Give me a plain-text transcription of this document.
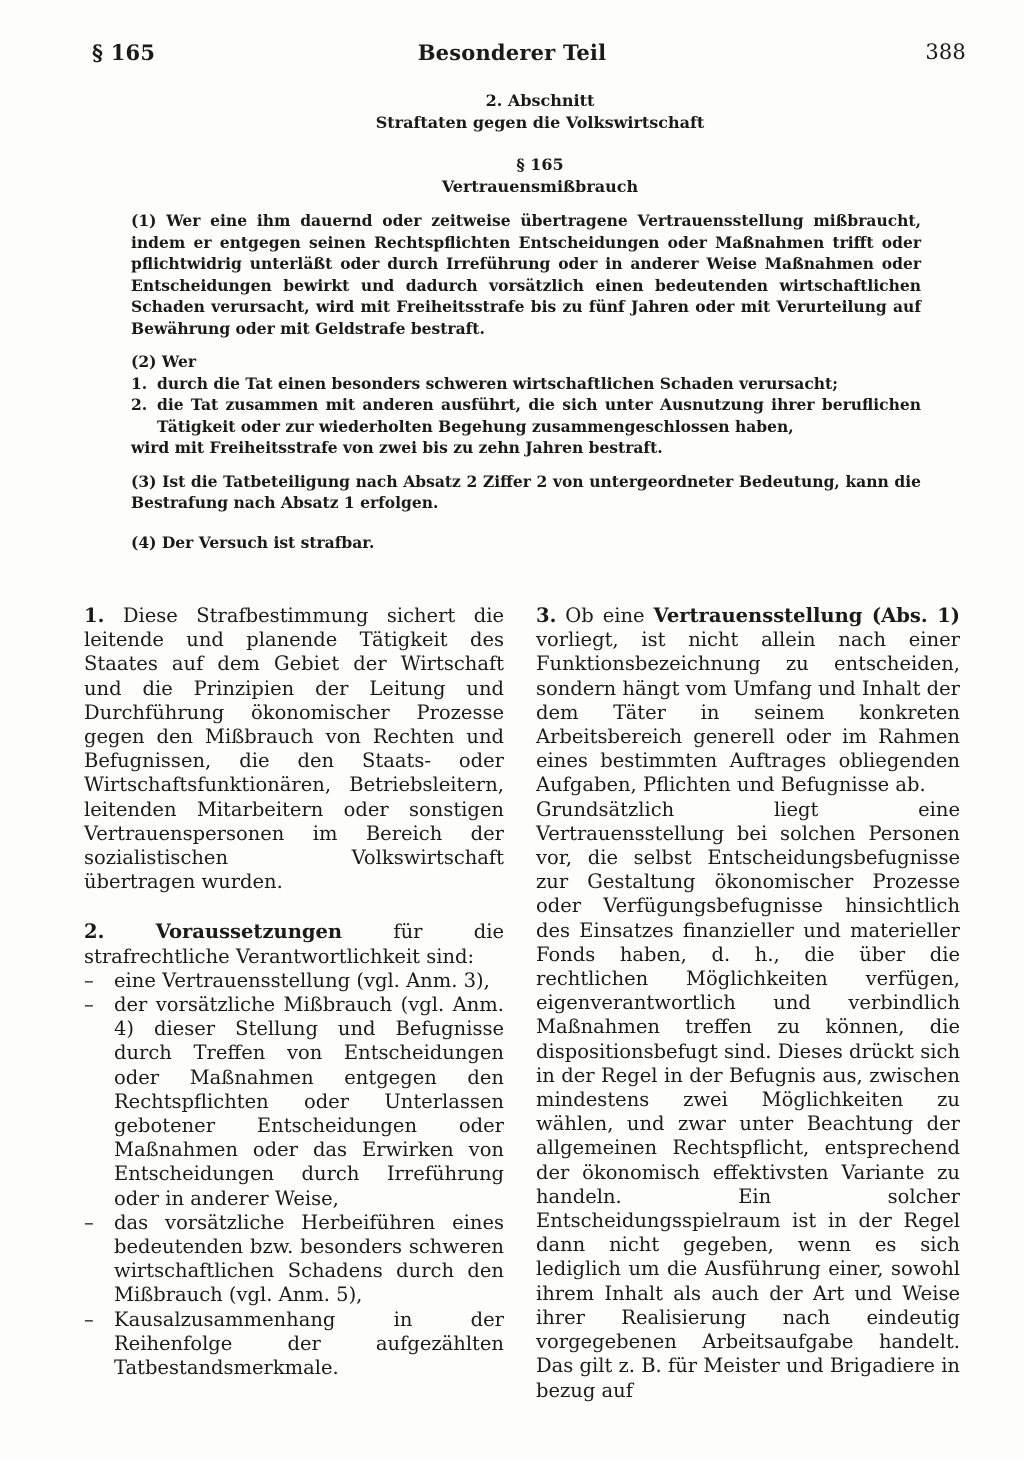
§ 165	Besonderer Teil	388
2. Abschnitt
Straftaten gegen die Volkswirtschaft
§ 165
Vertrauensmißbrauch

(1) Wer eine ihm dauernd oder zeitweise übertragene Vertrauensstellung mißbraucht, indem er entgegen seinen Rechtspflichten Entscheidungen oder Maßnahmen trifft oder pflichtwidrig unterläßt oder durch Irreführung oder in anderer Weise Maßnahmen oder Entscheidungen bewirkt und dadurch vorsätzlich einen bedeutenden wirtschaftlichen Schaden verursacht, wird mit Freiheitsstrafe bis zu fünf Jahren oder mit Verurteilung auf Bewährung oder mit Geldstrafe bestraft.

(2) Wer

1. durch die Tat einen besonders schweren wirtschaftlichen Schaden verursacht;
2. die Tat zusammen mit anderen ausführt, die sich unter Ausnutzung ihrer beruflichen Tätigkeit oder zur wiederholten Begehung zusammengeschlossen haben,

wird mit Freiheitsstrafe von zwei bis zu zehn Jahren bestraft.

(3) Ist die Tatbeteiligung nach Absatz 2 Ziffer 2 von untergeordneter Bedeutung, kann die Bestrafung nach Absatz 1 erfolgen.

(4) Der Versuch ist strafbar.

1. Diese Strafbestimmung sichert die leitende und planende Tätigkeit des Staates auf dem Gebiet der Wirtschaft und die Prinzipien der Leitung und Durchführung ökonomischer Prozesse gegen den Mißbrauch von Rechten und Befugnissen, die den Staats- oder Wirtschaftsfunktionären, Betriebsleitern, leitenden Mitarbeitern oder sonstigen Vertrauenspersonen im Bereich der sozialistischen Volkswirtschaft übertragen wurden.

2.	Voraussetzungen	für die strafrechtliche Verantwortlichkeit sind:

–	eine Vertrauensstellung (vgl. Anm. 3),
–	der vorsätzliche Mißbrauch (vgl. Anm. 4) dieser Stellung und Befugnisse durch Treffen von Entscheidungen oder Maßnahmen entgegen den Rechtspflichten oder Unterlassen gebotener Entscheidungen oder Maßnahmen oder das Erwirken von Entscheidungen durch Irreführung oder in anderer Weise,
–	das vorsätzliche Herbeiführen eines bedeutenden bzw. besonders schweren wirtschaftlichen Schadens durch den Mißbrauch (vgl. Anm. 5),
–	Kausalzusammenhang in der Reihenfolge der aufgezählten Tatbestandsmerkmale.

3. Ob eine Vertrauensstellung (Abs. 1) vorliegt, ist nicht allein nach einer Funktionsbezeichnung zu entscheiden, sondern hängt vom Umfang und Inhalt der dem Täter in seinem konkreten Arbeitsbereich generell oder im Rahmen eines bestimmten Auftrages obliegenden Aufgaben, Pflichten und Befugnisse ab.

Grundsätzlich liegt eine Vertrauensstellung bei solchen Personen vor, die selbst Entscheidungsbefugnisse zur Gestaltung ökonomischer Prozesse oder Verfügungsbefugnisse hinsichtlich des Einsatzes finanzieller und materieller Fonds haben, d. h., die über die rechtlichen Möglichkeiten verfügen, eigenverantwortlich und verbindlich Maßnahmen treffen zu können, die dispositionsbefugt sind. Dieses drückt sich in der Regel in der Befugnis aus, zwischen mindestens zwei Möglichkeiten zu wählen, und zwar unter Beachtung der allgemeinen Rechtspflicht, entsprechend der ökonomisch effektivsten Variante zu handeln. Ein solcher Entscheidungsspielraum ist in der Regel dann nicht gegeben, wenn es sich lediglich um die Ausführung einer, sowohl ihrem Inhalt als auch der Art und Weise ihrer Realisierung nach eindeutig vorgegebenen Arbeitsaufgabe handelt. Das gilt z. B. für Meister und Brigadiere in bezug auf
